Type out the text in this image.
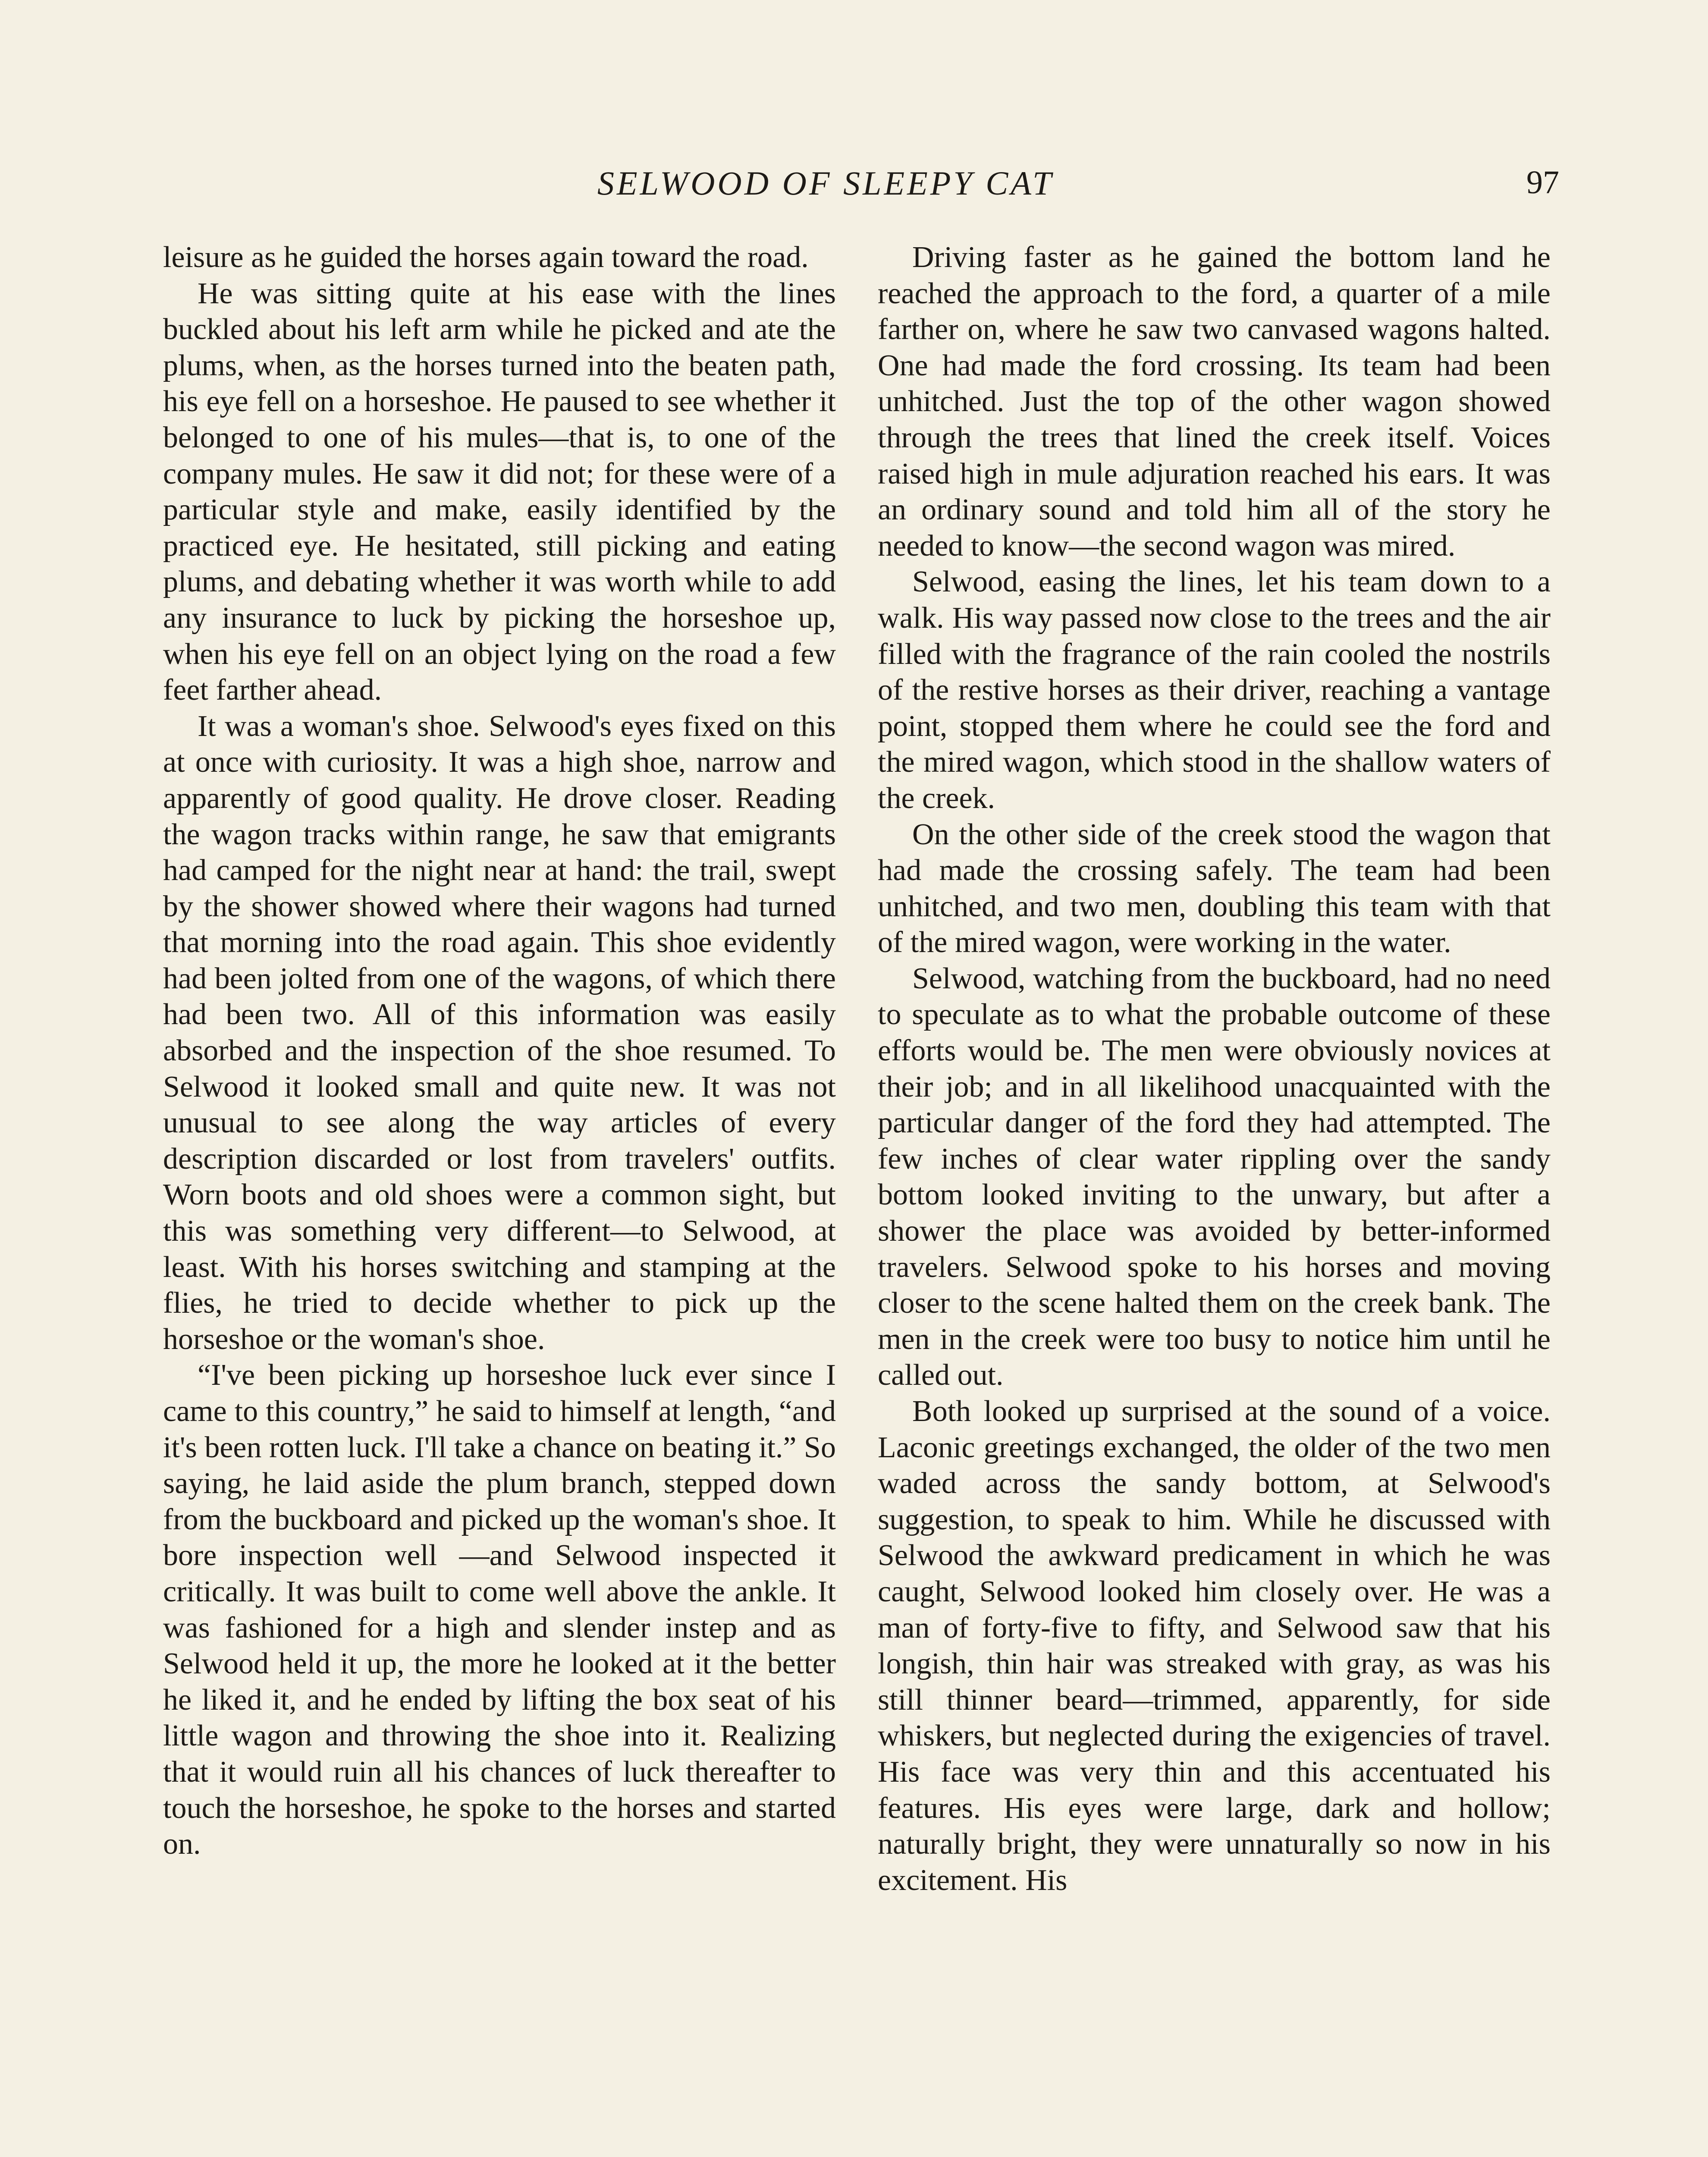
SELWOOD OF SLEEPY CAT	97

leisure as he guided the horses again toward the road.

He was sitting quite at his ease with the lines buckled about his left arm while he picked and ate the plums, when, as the horses turned into the beaten path, his eye fell on a horseshoe. He paused to see whether it belonged to one of his mules—that is, to one of the company mules. He saw it did not; for these were of a particular style and make, easily identified by the practiced eye. He hesitated, still picking and eating plums, and debating whether it was worth while to add any insurance to luck by picking the horseshoe up, when his eye fell on an object lying on the road a few feet farther ahead.

It was a woman's shoe. Selwood's eyes fixed on this at once with curiosity. It was a high shoe, narrow and apparently of good quality. He drove closer. Reading the wagon tracks within range, he saw that emigrants had camped for the night near at hand: the trail, swept by the shower showed where their wagons had turned that morning into the road again. This shoe evidently had been jolted from one of the wagons, of which there had been two. All of this information was easily absorbed and the inspection of the shoe resumed. To Selwood it looked small and quite new. It was not unusual to see along the way articles of every description discarded or lost from travelers' outfits. Worn boots and old shoes were a common sight, but this was something very different—to Selwood, at least. With his horses switching and stamping at the flies, he tried to decide whether to pick up the horseshoe or the woman's shoe.

“I've been picking up horseshoe luck ever since I came to this country,” he said to himself at length, “and it's been rotten luck. I'll take a chance on beating it.” So saying, he laid aside the plum branch, stepped down from the buckboard and picked up the woman's shoe. It bore inspection well —and Selwood inspected it critically. It was built to come well above the ankle. It was fashioned for a high and slender instep and as Selwood held it up, the more he looked at it the better he liked it, and he ended by lifting the box seat of his little wagon and throwing the shoe into it. Realizing that it would ruin all his chances of luck thereafter to touch the horseshoe, he spoke to the horses and started on.

Driving faster as he gained the bottom land he reached the approach to the ford, a quarter of a mile farther on, where he saw two canvased wagons halted. One had made the ford crossing. Its team had been unhitched. Just the top of the other wagon showed through the trees that lined the creek itself. Voices raised high in mule adjuration reached his ears. It was an ordinary sound and told him all of the story he needed to know—the second wagon was mired.

Selwood, easing the lines, let his team down to a walk. His way passed now close to the trees and the air filled with the fragrance of the rain cooled the nostrils of the restive horses as their driver, reaching a vantage point, stopped them where he could see the ford and the mired wagon, which stood in the shallow waters of the creek.

On the other side of the creek stood the wagon that had made the crossing safely. The team had been unhitched, and two men, doubling this team with that of the mired wagon, were working in the water.

Selwood, watching from the buckboard, had no need to speculate as to what the probable outcome of these efforts would be. The men were obviously novices at their job; and in all likelihood unacquainted with the particular danger of the ford they had attempted. The few inches of clear water rippling over the sandy bottom looked inviting to the unwary, but after a shower the place was avoided by better-informed travelers. Selwood spoke to his horses and moving closer to the scene halted them on the creek bank. The men in the creek were too busy to notice him until he called out.

Both looked up surprised at the sound of a voice. Laconic greetings exchanged, the older of the two men waded across the sandy bottom, at Selwood's suggestion, to speak to him. While he discussed with Selwood the awkward predicament in which he was caught, Selwood looked him closely over. He was a man of forty-five to fifty, and Selwood saw that his longish, thin hair was streaked with gray, as was his still thinner beard—trimmed, apparently, for side whiskers, but neglected during the exigencies of travel. His face was very thin and this accentuated his features. His eyes were large, dark and hollow; naturally bright, they were unnaturally so now in his excitement. His
